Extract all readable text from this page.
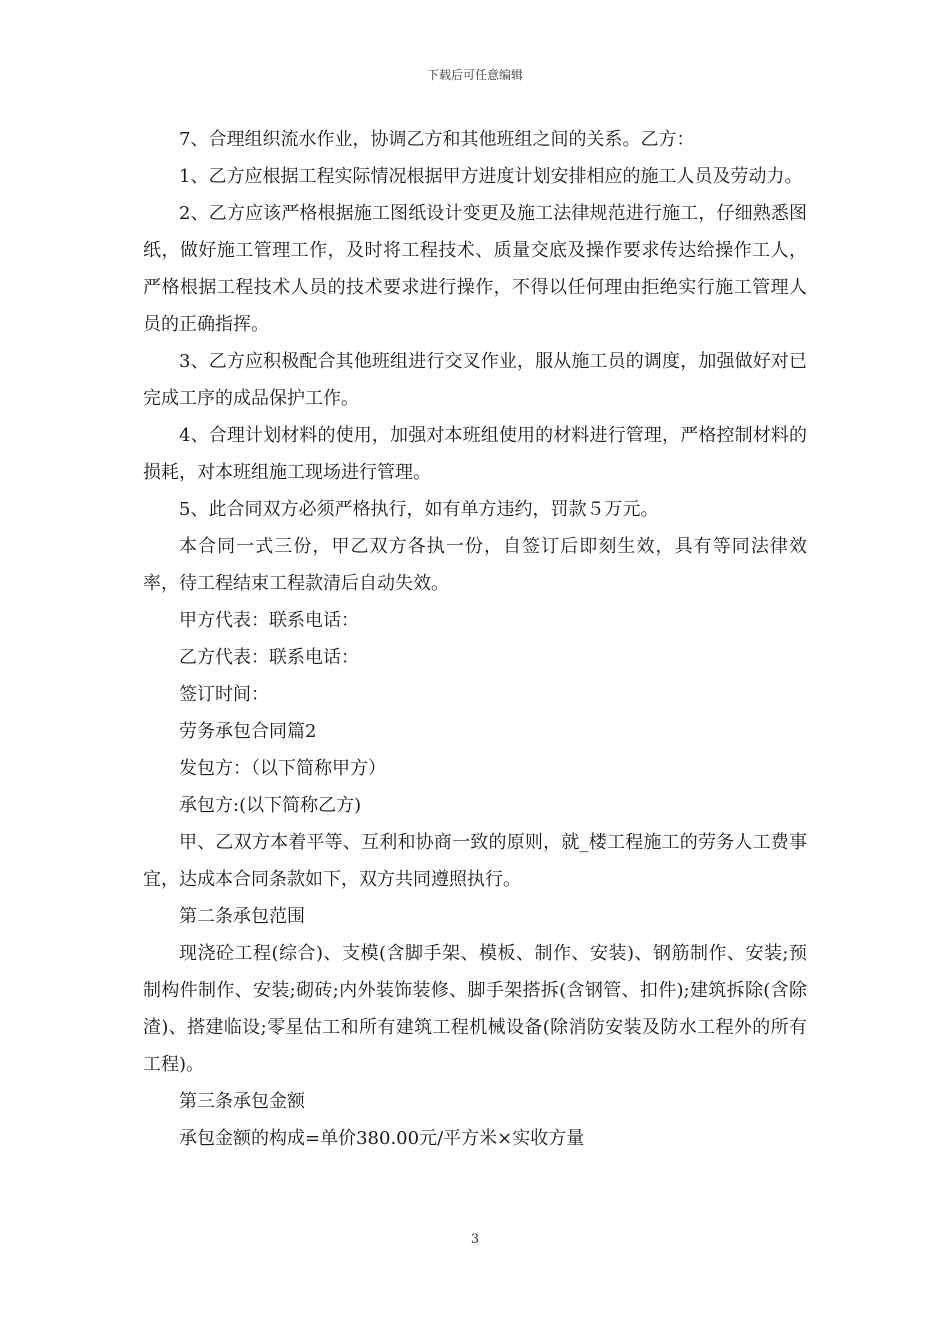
下载后可任意编辑

7、合理组织流水作业，协调乙方和其他班组之间的关系。乙方：

1、乙方应根据工程实际情况根据甲方进度计划安排相应的施工人员及劳动力。

2、乙方应该严格根据施工图纸设计变更及施工法律规范进行施工，仔细熟悉图纸，做好施工管理工作，及时将工程技术、质量交底及操作要求传达给操作工人，严格根据工程技术人员的技术要求进行操作，不得以任何理由拒绝实行施工管理人员的正确指挥。

3、乙方应积极配合其他班组进行交叉作业，服从施工员的调度，加强做好对已完成工序的成品保护工作。

4、合理计划材料的使用，加强对本班组使用的材料进行管理，严格控制材料的损耗，对本班组施工现场进行管理。

5、此合同双方必须严格执行，如有单方违约，罚款５万元。

本合同一式三份，甲乙双方各执一份，自签订后即刻生效，具有等同法律效率，待工程结束工程款清后自动失效。

甲方代表：联系电话：

乙方代表：联系电话：

签订时间：

劳务承包合同篇2

发包方：（以下简称甲方）

承包方:(以下简称乙方)

甲、乙双方本着平等、互利和协商一致的原则，就_楼工程施工的劳务人工费事宜，达成本合同条款如下，双方共同遵照执行。

第二条承包范围

现浇砼工程(综合)、支模(含脚手架、模板、制作、安装)、钢筋制作、安装;预制构件制作、安装;砌砖;内外装饰装修、脚手架搭拆(含钢管、扣件);建筑拆除(含除渣)、搭建临设;零星估工和所有建筑工程机械设备(除消防安装及防水工程外的所有工程)。

第三条承包金额

承包金额的构成=单价380.00元/平方米×实收方量

3
